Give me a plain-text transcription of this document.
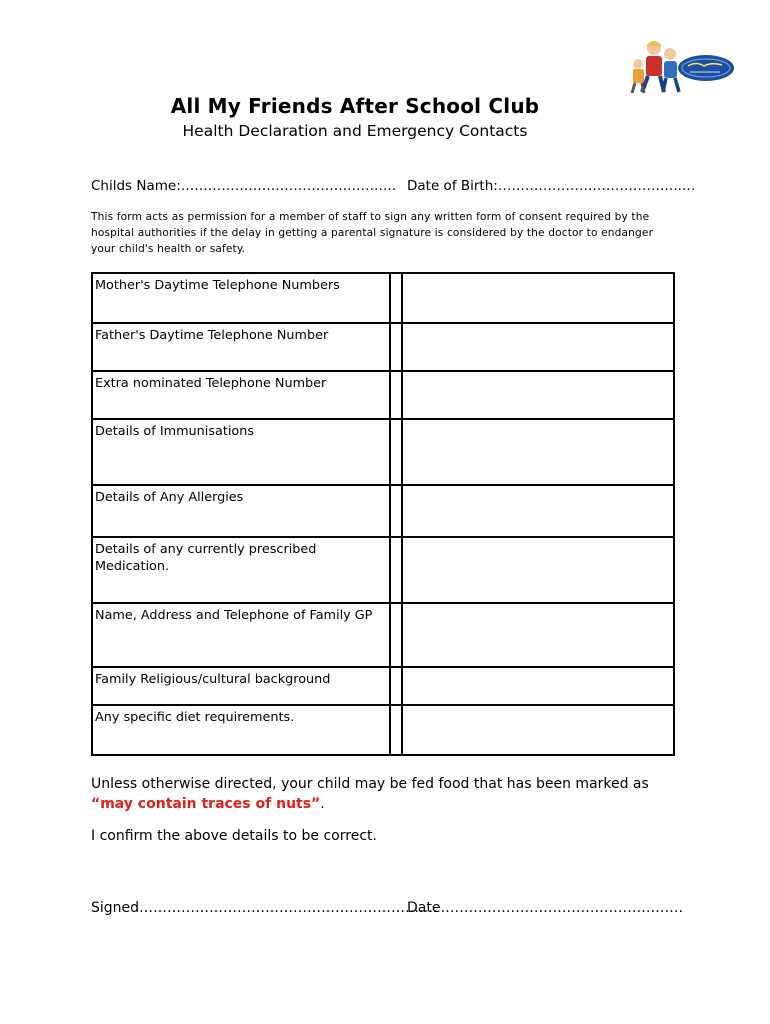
All My Friends After School Club
Health Declaration and Emergency Contacts
Childs Name:……………………………….……….. Date of Birth:…………………………………..…
This form acts as permission for a member of staff to sign any written form of consent required by the hospital authorities if the delay in getting a parental signature is considered by the doctor to endanger your child's health or safety.
Mother's Daytime Telephone Numbers		
Father's Daytime Telephone Number		
Extra nominated Telephone Number		
Details of Immunisations		
Details of Any Allergies		
Details of any currently prescribed Medication.		
Name, Address and Telephone of Family GP		
Family Religious/cultural background		
Any specific diet requirements.		
Unless otherwise directed, your child may be fed food that has been marked as
“may contain traces of nuts”.
I confirm the above details to be correct.
Signed……………………………………………………….
Date…………………………………………….
